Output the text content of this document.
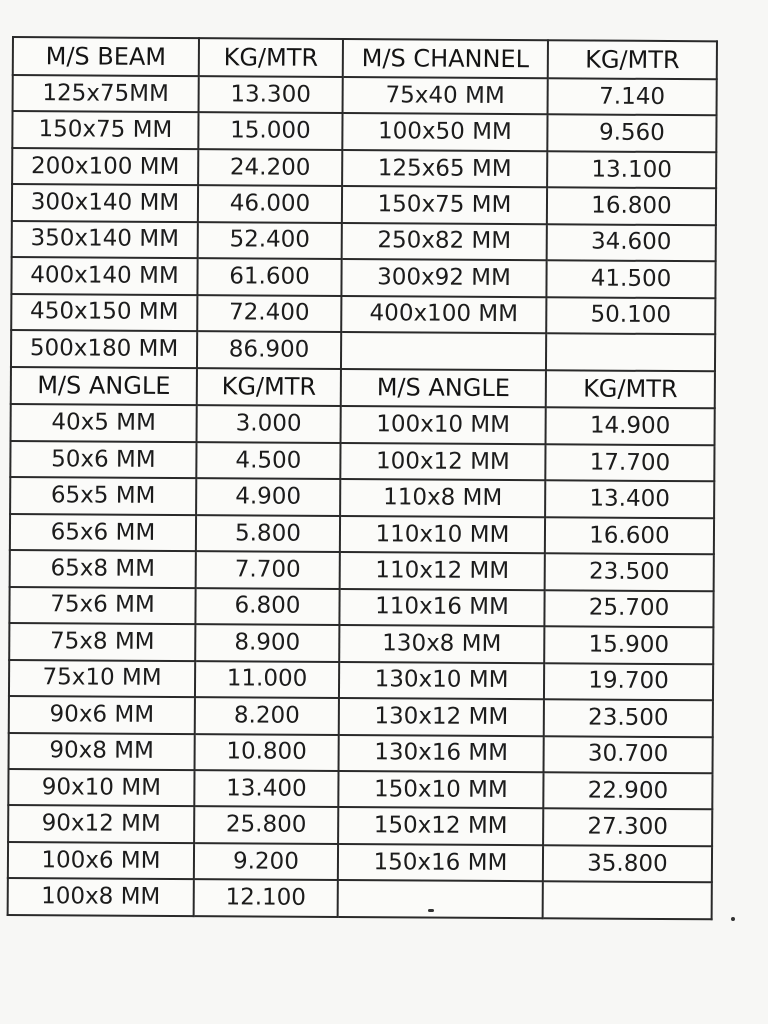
M/S BEAM	KG/MTR	M/S CHANNEL	KG/MTR
125x75MM	13.300	75x40 MM	7.140
150x75 MM	15.000	100x50 MM	9.560
200x100 MM	24.200	125x65 MM	13.100
300x140 MM	46.000	150x75 MM	16.800
350x140 MM	52.400	250x82 MM	34.600
400x140 MM	61.600	300x92 MM	41.500
450x150 MM	72.400	400x100 MM	50.100
500x180 MM	86.900		
M/S ANGLE	KG/MTR	M/S ANGLE	KG/MTR
40x5 MM	3.000	100x10 MM	14.900
50x6 MM	4.500	100x12 MM	17.700
65x5 MM	4.900	110x8 MM	13.400
65x6 MM	5.800	110x10 MM	16.600
65x8 MM	7.700	110x12 MM	23.500
75x6 MM	6.800	110x16 MM	25.700
75x8 MM	8.900	130x8 MM	15.900
75x10 MM	11.000	130x10 MM	19.700
90x6 MM	8.200	130x12 MM	23.500
90x8 MM	10.800	130x16 MM	30.700
90x10 MM	13.400	150x10 MM	22.900
90x12 MM	25.800	150x12 MM	27.300
100x6 MM	9.200	150x16 MM	35.800
100x8 MM	12.100		
